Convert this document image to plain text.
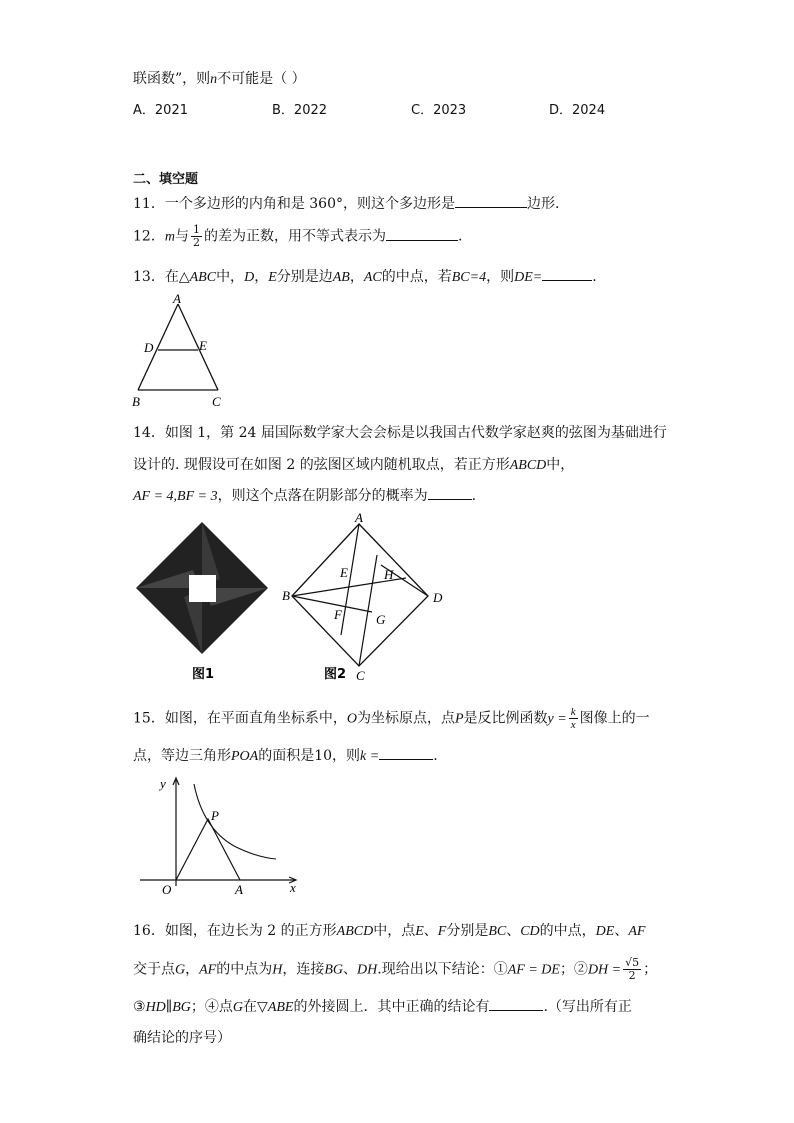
联函数”，则n不可能是（ ）
A．2021	B．2022	C．2023	D．2024
二、填空题
11．一个多边形的内角和是 360°，则这个多边形是	边形.
12．m与 $\frac{1}{2}$ 的差为正数，用不等式表示为	.
13．在△ABC中，D，E分别是边AB，AC的中点，若BC=4，则DE=	.
A
D	E
B	C
14．如图 1，第 24 届国际数学家大会会标是以我国古代数学家赵爽的弦图为基础进行
设计的. 现假设可在如图 2 的弦图区域内随机取点，若正方形ABCD中，
AF = 4,BF = 3，则这个点落在阴影部分的概率为	.
图1
A
B	D
C
E	H
F	G
图2
15．如图，在平面直角坐标系中，O为坐标原点，点P是反比例函数$y = \frac{k}{x}$ 图像上的一
点，等边三角形POA的面积是10，则k =	.
y
x
O	A
P
16．如图，在边长为 2 的正方形ABCD中，点E、F分别是BC、CD的中点，DE、AF
交于点G，AF的中点为H，连接BG、DH.现给出以下结论：①AF = DE；②DH = $\frac{√5}{2}$ ；
③HD∥BG；④点G在▽ABE的外接圆上．其中正确的结论有	.（写出所有正
确结论的序号）
